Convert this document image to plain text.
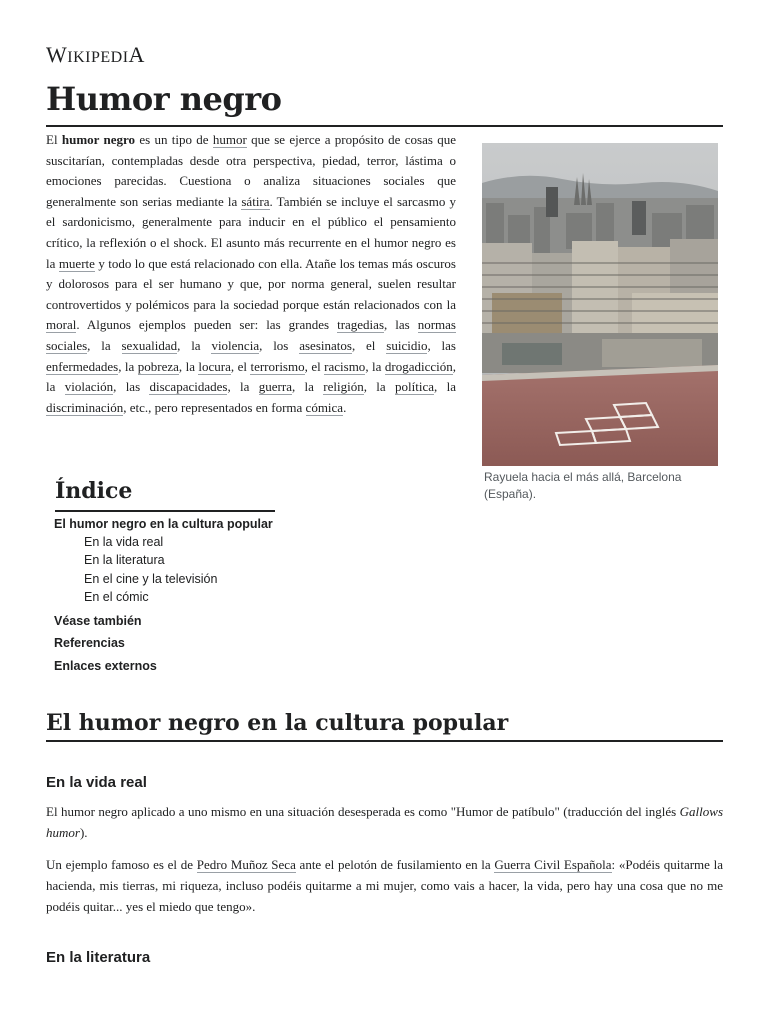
WIKIPEDIA
Humor negro

El humor negro es un tipo de humor que se ejerce a propósito de cosas que suscitarían, contempladas desde otra perspectiva, piedad, terror, lástima o emociones parecidas. Cuestiona o analiza situaciones sociales que generalmente son serias mediante la sátira. También se incluye el sarcasmo y el sardonicismo, generalmente para inducir en el público el pensamiento crítico, la reflexión o el shock. El asunto más recurrente en el humor negro es la muerte y todo lo que está relacionado con ella. Atañe los temas más oscuros y dolorosos para el ser humano y que, por norma general, suelen resultar controvertidos y polémicos para la sociedad porque están relacionados con la moral. Algunos ejemplos pueden ser: las grandes tragedias, las normas sociales, la sexualidad, la violencia, los asesinatos, el suicidio, las enfermedades, la pobreza, la locura, el terrorismo, el racismo, la drogadicción, la violación, las discapacidades, la guerra, la religión, la política, la discriminación, etc., pero representados en forma cómica.

Rayuela hacia el más allá, Barcelona (España).

Índice
El humor negro en la cultura popular
En la vida real
En la literatura
En el cine y la televisión
En el cómic
Véase también
Referencias
Enlaces externos
El humor negro en la cultura popular
En la vida real

El humor negro aplicado a uno mismo en una situación desesperada es como "Humor de patíbulo" (traducción del inglés Gallows humor).

Un ejemplo famoso es el de Pedro Muñoz Seca ante el pelotón de fusilamiento en la Guerra Civil Española: «Podéis quitarme la hacienda, mis tierras, mi riqueza, incluso podéis quitarme a mi mujer, como vais a hacer, la vida, pero hay una cosa que no me podéis quitar... yes el miedo que tengo».

En la literatura
